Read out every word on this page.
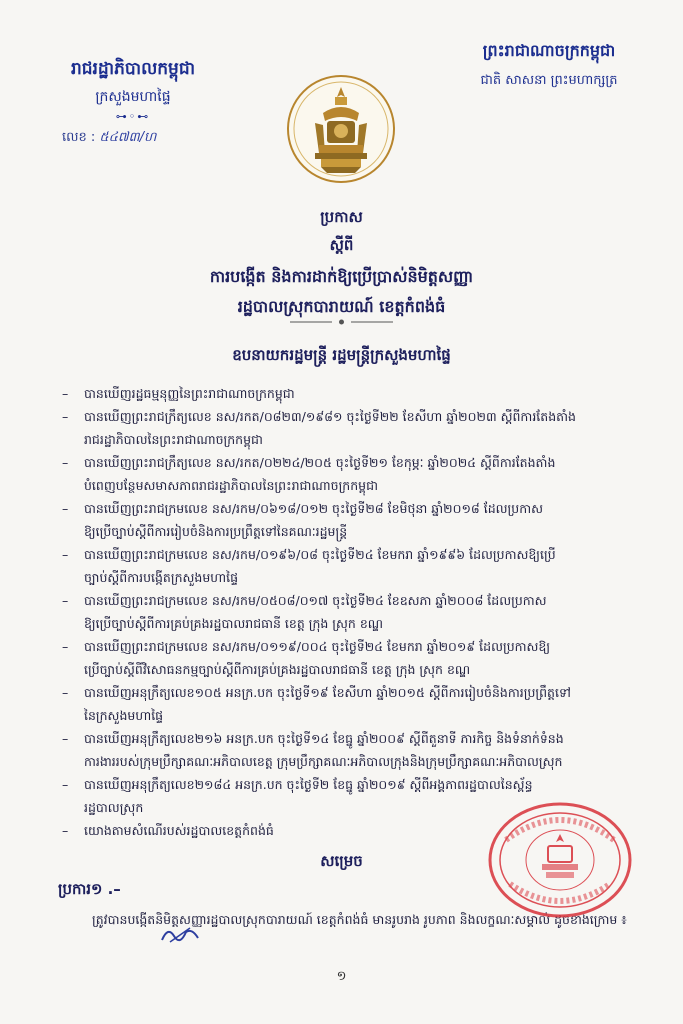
រាជរដ្ឋាភិបាលកម្ពុជា
ក្រសួងមហាផ្ទៃ
⊶◦⊷
លេខ : ៥៤៧៣/ហ
ព្រះរាជាណាចក្រកម្ពុជា
ជាតិ សាសនា ព្រះមហាក្សត្រ
ប្រកាស
ស្តីពី
ការបង្កើត និងការដាក់ឱ្យប្រើប្រាស់និមិត្តសញ្ញា
រដ្ឋបាលស្រុកបារាយណ៍ ខេត្តកំពង់ធំ
ឧបនាយករដ្ឋមន្ត្រី រដ្ឋមន្ត្រីក្រសួងមហាផ្ទៃ
– បានឃើញរដ្ឋធម្មនុញ្ញនៃព្រះរាជាណាចក្រកម្ពុជា
– បានឃើញព្រះរាជក្រឹត្យលេខ នស/រកត/០៨២៣/១៩៨១ ចុះថ្ងៃទី២២ ខែសីហា ឆ្នាំ២០២៣ ស្តីពីការតែងតាំង
រាជរដ្ឋាភិបាលនៃព្រះរាជាណាចក្រកម្ពុជា
– បានឃើញព្រះរាជក្រឹត្យលេខ នស/រកត/០២២៤/២០៥ ចុះថ្ងៃទី២១ ខែកុម្ភៈ ឆ្នាំ២០២៤ ស្តីពីការតែងតាំង
បំពេញបន្ថែមសមាសភាពរាជរដ្ឋាភិបាលនៃព្រះរាជាណាចក្រកម្ពុជា
– បានឃើញព្រះរាជក្រមលេខ នស/រកម/០៦១៨/០១២ ចុះថ្ងៃទី២៨ ខែមិថុនា ឆ្នាំ២០១៨ ដែលប្រកាស
ឱ្យប្រើច្បាប់ស្តីពីការរៀបចំនិងការប្រព្រឹត្តទៅនៃគណៈរដ្ឋមន្ត្រី
– បានឃើញព្រះរាជក្រមលេខ នស/រកម/០១៩៦/០៨ ចុះថ្ងៃទី២៤ ខែមករា ឆ្នាំ១៩៩៦ ដែលប្រកាសឱ្យប្រើ
ច្បាប់ស្តីពីការបង្កើតក្រសួងមហាផ្ទៃ
– បានឃើញព្រះរាជក្រមលេខ នស/រកម/០៥០៨/០១៧ ចុះថ្ងៃទី២៤ ខែឧសភា ឆ្នាំ២០០៨ ដែលប្រកាស
ឱ្យប្រើច្បាប់ស្តីពីការគ្រប់គ្រងរដ្ឋបាលរាជធានី ខេត្ត ក្រុង ស្រុក ខណ្ឌ
– បានឃើញព្រះរាជក្រមលេខ នស/រកម/០១១៩/០០៤ ចុះថ្ងៃទី២៤ ខែមករា ឆ្នាំ២០១៩ ដែលប្រកាសឱ្យ
ប្រើច្បាប់ស្តីពីវិសោធនកម្មច្បាប់ស្តីពីការគ្រប់គ្រងរដ្ឋបាលរាជធានី ខេត្ត ក្រុង ស្រុក ខណ្ឌ
– បានឃើញអនុក្រឹត្យលេខ១០៥ អនក្រ.បក ចុះថ្ងៃទី១៩ ខែសីហា ឆ្នាំ២០១៥ ស្តីពីការរៀបចំនិងការប្រព្រឹត្តទៅ
នៃក្រសួងមហាផ្ទៃ
– បានឃើញអនុក្រឹត្យលេខ២១៦ អនក្រ.បក ចុះថ្ងៃទី១៤ ខែធ្នូ ឆ្នាំ២០០៩ ស្តីពីតួនាទី ភារកិច្ច និងទំនាក់ទំនង
ការងាររបស់ក្រុមប្រឹក្សាគណៈអភិបាលខេត្ត ក្រុមប្រឹក្សាគណៈអភិបាលក្រុងនិងក្រុមប្រឹក្សាគណៈអភិបាលស្រុក
– បានឃើញអនុក្រឹត្យលេខ២១៨៤ អនក្រ.បក ចុះថ្ងៃទី២ ខែធ្នូ ឆ្នាំ២០១៩ ស្តីពីអង្គភាពរដ្ឋបាលនៃស្ព័ន្ធ
រដ្ឋបាលស្រុក
– យោងតាមសំណើរបស់រដ្ឋបាលខេត្តកំពង់ធំ
សម្រេច
ប្រការ១ .–
ត្រូវបានបង្កើតនិមិត្តសញ្ញារដ្ឋបាលស្រុកបារាយណ៍ ខេត្តកំពង់ធំ មានរូបរាង រូបភាព និងលក្ខណៈសម្គាល់ ដូចខាងក្រោម ៖
១
